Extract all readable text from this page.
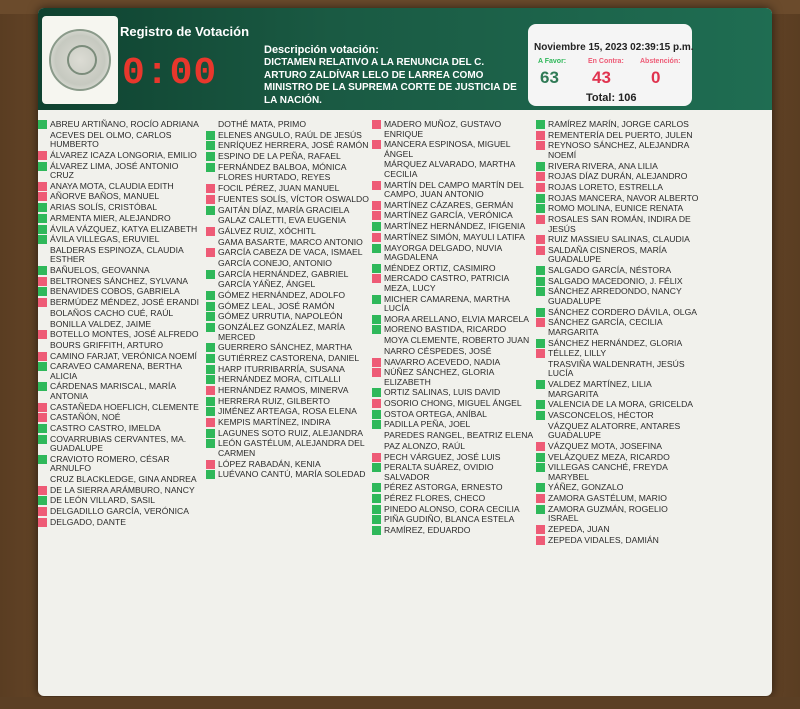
Registro de Votación
0:00
Descripción votación:
DICTAMEN RELATIVO A LA RENUNCIA DEL C. ARTURO ZALDÍVAR LELO DE LARREA COMO MINISTRO DE LA SUPREMA CORTE DE JUSTICIA DE LA NACIÓN.
Noviembre 15, 2023 02:39:15 p.m.
A Favor:	En Contra: Abstención:
63 43 0
Total: 106
ABREU ARTIÑANO, ROCÍO ADRIANA
ACEVES DEL OLMO, CARLOS HUMBERTO
ÁLVAREZ ICAZA LONGORIA, EMILIO
ÁLVAREZ LIMA, JOSÉ ANTONIO CRUZ
ANAYA MOTA, CLAUDIA EDITH
AÑORVE BAÑOS, MANUEL
ARIAS SOLÍS, CRISTÓBAL
ARMENTA MIER, ALEJANDRO
ÁVILA VÁZQUEZ, KATYA ELIZABETH
ÁVILA VILLEGAS, ERUVIEL
BALDERAS ESPINOZA, CLAUDIA ESTHER
BAÑUELOS, GEOVANNA
BELTRONES SÁNCHEZ, SYLVANA
BENAVIDES COBOS, GABRIELA
BERMÚDEZ MÉNDEZ, JOSÉ ERANDI
BOLAÑOS CACHO CUÉ, RAÚL
BONILLA VALDEZ, JAIME
BOTELLO MONTES, JOSÉ ALFREDO
BOURS GRIFFITH, ARTURO
CAMINO FARJAT, VERÓNICA NOEMÍ
CARAVEO CAMARENA, BERTHA ALICIA
CÁRDENAS MARISCAL, MARÍA ANTONIA
CASTAÑEDA HOEFLICH, CLEMENTE
CASTAÑÓN, NOÉ
CASTRO CASTRO, IMELDA
COVARRUBIAS CERVANTES, MA. GUADALUPE
CRAVIOTO ROMERO, CÉSAR ARNULFO
CRUZ BLACKLEDGE, GINA ANDREA
DE LA SIERRA ARÁMBURO, NANCY
DE LEÓN VILLARD, SASIL
DELGADILLO GARCÍA, VERÓNICA
DELGADO, DANTE
DOTHÉ MATA, PRIMO
ELENES ANGULO, RAÚL DE JESÚS
ENRÍQUEZ HERRERA, JOSÉ RAMÓN
ESPINO DE LA PEÑA, RAFAEL
FERNÁNDEZ BALBOA, MÓNICA
FLORES HURTADO, REYES
FOCIL PÉREZ, JUAN MANUEL
FUENTES SOLÍS, VÍCTOR OSWALDO
GAITÁN DÍAZ, MARÍA GRACIELA
GALAZ CALETTI, EVA EUGENIA
GÁLVEZ RUIZ, XÓCHITL
GAMA BASARTE, MARCO ANTONIO
GARCÍA CABEZA DE VACA, ISMAEL
GARCÍA CONEJO, ANTONIO
GARCÍA HERNÁNDEZ, GABRIEL
GARCÍA YÁÑEZ, ÁNGEL
GÓMEZ HERNÁNDEZ, ADOLFO
GÓMEZ LEAL, JOSÉ RAMÓN
GÓMEZ URRUTIA, NAPOLEÓN
GONZÁLEZ GONZÁLEZ, MARÍA MERCED
GUERRERO SÁNCHEZ, MARTHA
GUTIÉRREZ CASTORENA, DANIEL
HARP ITURRIBARRÍA, SUSANA
HERNÁNDEZ MORA, CITLALLI
HERNÁNDEZ RAMOS, MINERVA
HERRERA RUIZ, GILBERTO
JIMÉNEZ ARTEAGA, ROSA ELENA
KEMPIS MARTÍNEZ, INDIRA
LAGUNES SOTO RUIZ, ALEJANDRA
LEÓN GASTÉLUM, ALEJANDRA DEL CARMEN
LÓPEZ RABADÁN, KENIA
LUÉVANO CANTÚ, MARÍA SOLEDAD
MADERO MUÑOZ, GUSTAVO ENRIQUE
MANCERA ESPINOSA, MIGUEL ÁNGEL
MÁRQUEZ ALVARADO, MARTHA CECILIA
MARTÍN DEL CAMPO MARTÍN DEL CAMPO, JUAN ANTONIO
MARTÍNEZ CÁZARES, GERMÁN
MARTÍNEZ GARCÍA, VERÓNICA
MARTÍNEZ HERNÁNDEZ, IFIGENIA
MARTÍNEZ SIMÓN, MAYULI LATIFA
MAYORGA DELGADO, NUVIA MAGDALENA
MÉNDEZ ORTIZ, CASIMIRO
MERCADO CASTRO, PATRICIA MEZA, LUCY
MICHER CAMARENA, MARTHA LUCÍA
MORA ARELLANO, ELVIA MARCELA
MORENO BASTIDA, RICARDO
MOYA CLEMENTE, ROBERTO JUAN
NARRO CÉSPEDES, JOSÉ
NAVARRO ACEVEDO, NADIA
NÚÑEZ SÁNCHEZ, GLORIA ELIZABETH
ORTIZ SALINAS, LUIS DAVID
OSORIO CHONG, MIGUEL ÁNGEL
OSTOA ORTEGA, ANÍBAL
PADILLA PEÑA, JOEL
PAREDES RANGEL, BEATRIZ ELENA
PAZ ALONZO, RAÚL
PECH VÁRGUEZ, JOSÉ LUIS
PERALTA SUÁREZ, OVIDIO SALVADOR
PÉREZ ASTORGA, ERNESTO
PÉREZ FLORES, CHECO
PINEDO ALONSO, CORA CECILIA
PIÑA GUDIÑO, BLANCA ESTELA
RAMÍREZ, EDUARDO
RAMÍREZ MARÍN, JORGE CARLOS
REMENTERÍA DEL PUERTO, JULEN
REYNOSO SÁNCHEZ, ALEJANDRA NOEMÍ
RIVERA RIVERA, ANA LILIA
ROJAS DÍAZ DURÁN, ALEJANDRO
ROJAS LORETO, ESTRELLA
ROJAS MANCERA, NAVOR ALBERTO
ROMO MOLINA, EUNICE RENATA
ROSALES SAN ROMÁN, INDIRA DE JESÚS
RUIZ MASSIEU SALINAS, CLAUDIA
SALDAÑA CISNEROS, MARÍA GUADALUPE
SALGADO GARCÍA, NÉSTORA
SALGADO MACEDONIO, J. FÉLIX
SÁNCHEZ ARREDONDO, NANCY GUADALUPE
SÁNCHEZ CORDERO DÁVILA, OLGA
SÁNCHEZ GARCÍA, CECILIA MARGARITA
SÁNCHEZ HERNÁNDEZ, GLORIA
TÉLLEZ, LILLY
TRASVIÑA WALDENRATH, JESÚS LUCÍA
VALDEZ MARTÍNEZ, LILIA MARGARITA
VALENCIA DE LA MORA, GRICELDA
VASCONCELOS, HÉCTOR
VÁZQUEZ ALATORRE, ANTARES GUADALUPE
VÁZQUEZ MOTA, JOSEFINA
VELÁZQUEZ MEZA, RICARDO
VILLEGAS CANCHÉ, FREYDA MARYBEL
YÁÑEZ, GONZALO
ZAMORA GASTÉLUM, MARIO
ZAMORA GUZMÁN, ROGELIO ISRAEL
ZEPEDA, JUAN
ZEPEDA VIDALES, DAMIÁN
